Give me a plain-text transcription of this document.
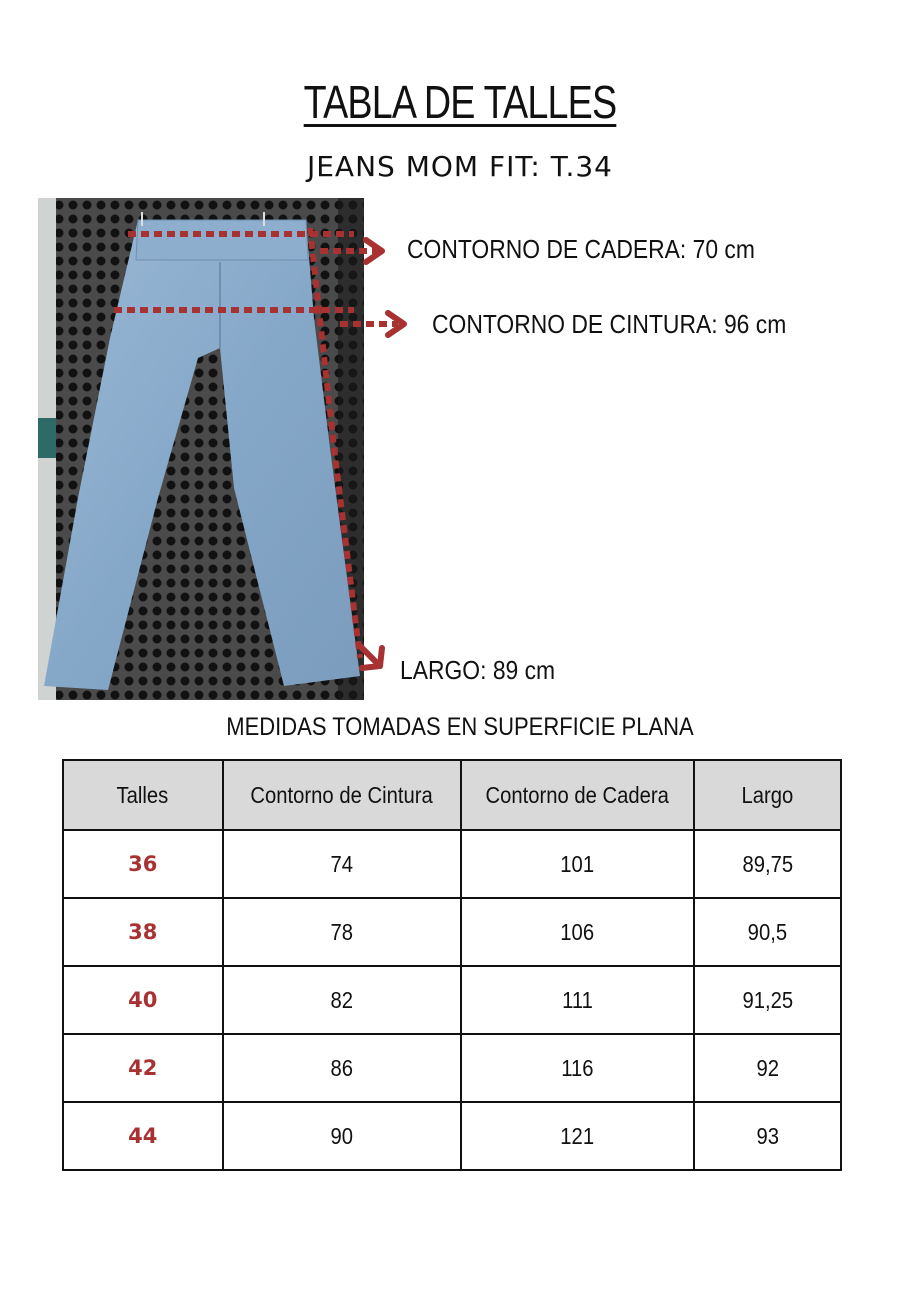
TABLA DE TALLES
JEANS MOM FIT: T.34
CONTORNO DE CADERA: 70 cm
CONTORNO DE CINTURA: 96 cm
LARGO: 89 cm
MEDIDAS TOMADAS EN SUPERFICIE PLANA
Talles	Contorno de Cintura	Contorno de Cadera	Largo
36	74	101	89,75
38	78	106	90,5
40	82	111	91,25
42	86	116	92
44	90	121	93
